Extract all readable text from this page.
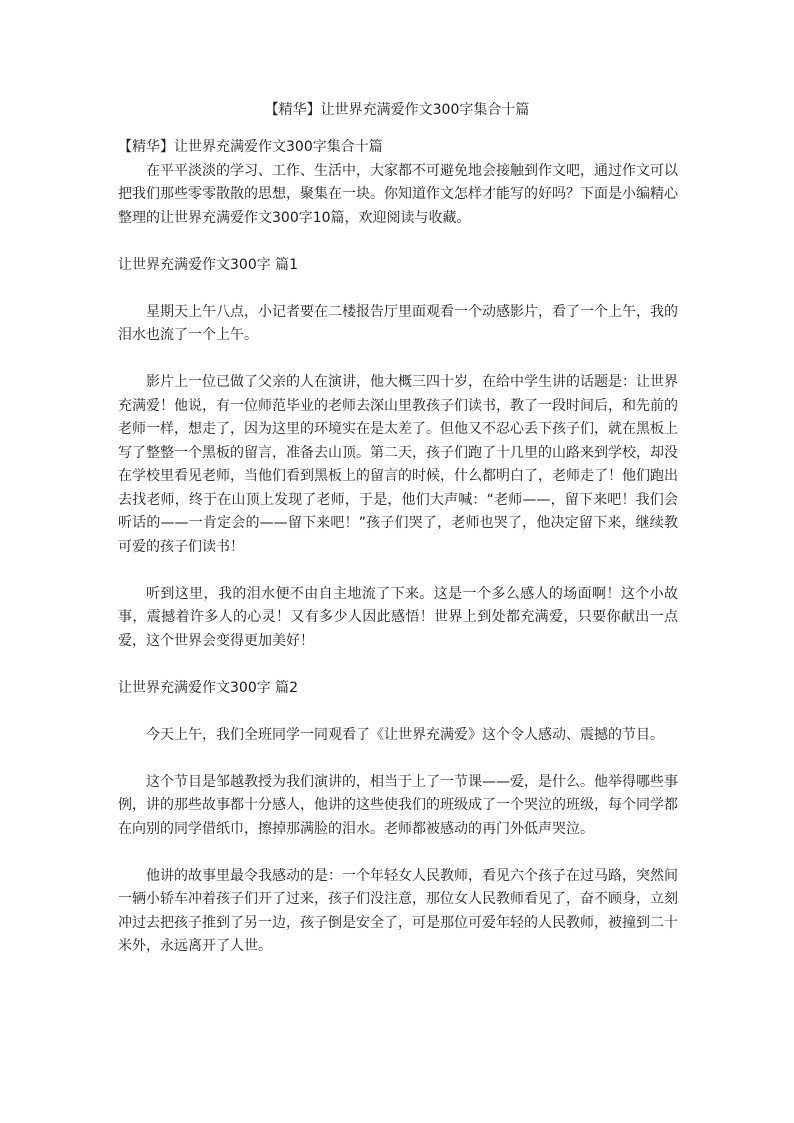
【精华】让世界充满爱作文300字集合十篇

【精华】让世界充满爱作文300字集合十篇

在平平淡淡的学习、工作、生活中，大家都不可避免地会接触到作文吧，通过作文可以把我们那些零零散散的思想，聚集在一块。你知道作文怎样才能写的好吗？下面是小编精心整理的让世界充满爱作文300字10篇，欢迎阅读与收藏。

让世界充满爱作文300字 篇1

星期天上午八点，小记者要在二楼报告厅里面观看一个动感影片，看了一个上午，我的泪水也流了一个上午。

影片上一位已做了父亲的人在演讲，他大概三四十岁，在给中学生讲的话题是：让世界充满爱！他说，有一位师范毕业的老师去深山里教孩子们读书，教了一段时间后，和先前的老师一样，想走了，因为这里的环境实在是太差了。但他又不忍心丢下孩子们，就在黑板上写了整整一个黑板的留言，准备去山顶。第二天，孩子们跑了十几里的山路来到学校，却没在学校里看见老师，当他们看到黑板上的留言的时候，什么都明白了，老师走了！他们跑出去找老师，终于在山顶上发现了老师，于是，他们大声喊：“老师——，留下来吧！我们会听话的——一肯定会的——留下来吧！”孩子们哭了，老师也哭了，他决定留下来，继续教可爱的孩子们读书！

听到这里，我的泪水便不由自主地流了下来。这是一个多么感人的场面啊！这个小故事，震撼着许多人的心灵！又有多少人因此感悟！世界上到处都充满爱，只要你献出一点爱，这个世界会变得更加美好！

让世界充满爱作文300字 篇2

今天上午，我们全班同学一同观看了《让世界充满爱》这个令人感动、震撼的节目。

这个节目是邹越教授为我们演讲的，相当于上了一节课——爱，是什么。他举得哪些事例，讲的那些故事都十分感人，他讲的这些使我们的班级成了一个哭泣的班级，每个同学都在向别的同学借纸巾，擦掉那满脸的泪水。老师都被感动的再门外低声哭泣。

他讲的故事里最令我感动的是：一个年轻女人民教师，看见六个孩子在过马路，突然间一辆小轿车冲着孩子们开了过来，孩子们没注意，那位女人民教师看见了，奋不顾身，立刻冲过去把孩子推到了另一边，孩子倒是安全了，可是那位可爱年轻的人民教师，被撞到二十米外，永远离开了人世。
